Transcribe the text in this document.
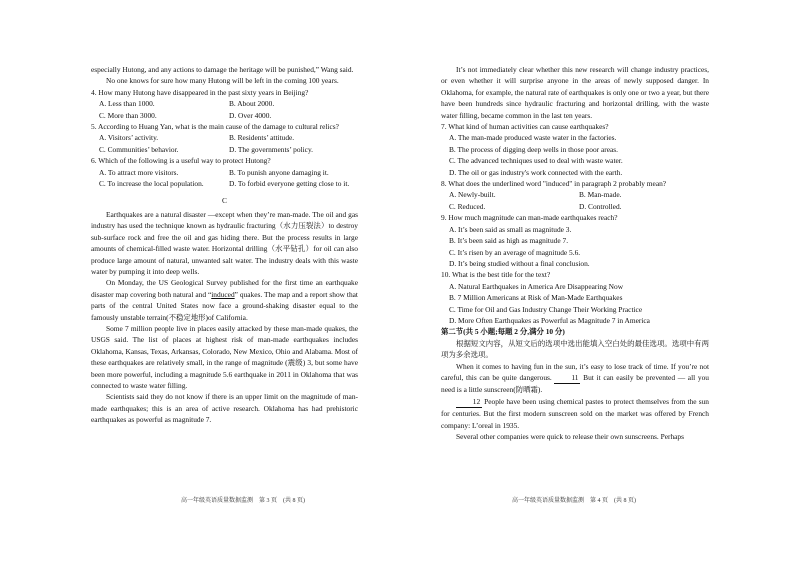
especially Hutong, and any actions to damage the heritage will be punished,” Wang said.

No one knows for sure how many Hutong will be left in the coming 100 years.

4. How many Hutong have disappeared in the past sixty years in Beijing?

A. Less than 1000.	B. About 2000.
C. More than 3000.	D. Over 4000.

5. According to Huang Yan, what is the main cause of the damage to cultural relics?

A. Visitors’ activity.	B. Residents’ attitude.
C. Communities’ behavior.	D. The governments’ policy.

6. Which of the following is a useful way to protect Hutong?

A. To attract more visitors.	B. To punish anyone damaging it.
C. To increase the local population.	D. To forbid everyone getting close to it.

C

Earthquakes are a natural disaster —except when they’re man-made. The oil and gas industry has used the technique known as hydraulic fracturing（水力压裂法）to destroy sub-surface rock and free the oil and gas hiding there. But the process results in large amounts of chemical-filled waste water. Horizontal drilling（水平钻孔）for oil can also produce large amount of natural, unwanted salt water. The industry deals with this waste water by pumping it into deep wells.

On Monday, the US Geological Survey published for the first time an earthquake disaster map covering both natural and “induced” quakes. The map and a report show that parts of the central United States now face a ground-shaking disaster equal to the famously unstable terrain(不稳定地形)of California.

Some 7 million people live in places easily attacked by these man-made quakes, the USGS said. The list of places at highest risk of man-made earthquakes includes Oklahoma, Kansas, Texas, Arkansas, Colorado, New Mexico, Ohio and Alabama. Most of these earthquakes are relatively small, in the range of magnitude (震级) 3, but some have been more powerful, including a magnitude 5.6 earthquake in 2011 in Oklahoma that was connected to waste water filling.

Scientists said they do not know if there is an upper limit on the magnitude of man-made earthquakes; this is an area of active research. Oklahoma has had prehistoric earthquakes as powerful as magnitude 7.

It’s not immediately clear whether this new research will change industry practices, or even whether it will surprise anyone in the areas of newly supposed danger. In Oklahoma, for example, the natural rate of earthquakes is only one or two a year, but there have been hundreds since hydraulic fracturing and horizontal drilling, with the waste water filling, became common in the last ten years.

7. What kind of human activities can cause earthquakes?

A. The man-made produced waste water in the factories.

B. The process of digging deep wells in those poor areas.

C. The advanced techniques used to deal with waste water.

D. The oil or gas industry's work connected with the earth.

8. What does the underlined word "induced" in paragraph 2 probably mean?

A. Newly-built.	B. Man-made.
C. Reduced.	D. Controlled.

9. How much magnitude can man-made earthquakes reach?

A. It’s been said as small as magnitude 3.

B. It’s been said as high as magnitude 7.

C. It’s risen by an average of magnitude 5.6.

D. It’s being studied without a final conclusion.

10. What is the best title for the text?

A. Natural Earthquakes in America Are Disappearing Now

B. 7 Million Americans at Risk of Man-Made Earthquakes

C. Time for Oil and Gas Industry Change Their Working Practice

D. More Often Earthquakes as Powerful as Magnitude 7 in America

第二节(共 5 小题;每题 2 分,满分 10 分)

根据短文内容，从短文后的选项中选出能填入空白处的最佳选项。选项中有两项为多余选项。

When it comes to having fun in the sun, it’s easy to lose track of time. If you’re not careful, this can be quite dangerous.	11 But it can easily be prevented — all you need is a little sunscreen(防晒霜).

12 People have been using chemical pastes to protect themselves from the sun for centuries. But the first modern sunscreen sold on the market was offered by French company: L’oreal in 1935.

Several other companies were quick to release their own sunscreens. Perhaps

高一年级英语质量数据监测　第 3 页　(共 8 页)	高一年级英语质量数据监测　第 4 页　(共 8 页)
